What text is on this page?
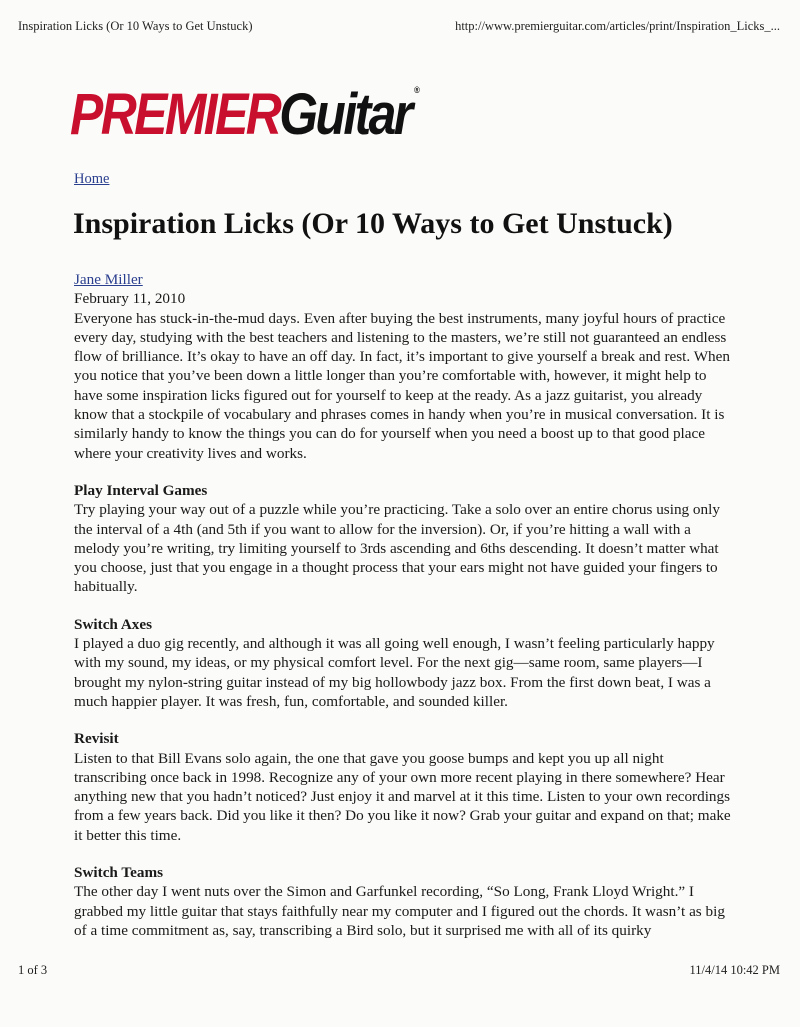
Inspiration Licks (Or 10 Ways to Get Unstuck)	http://www.premierguitar.com/articles/print/Inspiration_Licks_...
PREMIERGuitar ®
Home
Inspiration Licks (Or 10 Ways to Get Unstuck)
Jane Miller
February 11, 2010

Everyone has stuck-in-the-mud days. Even after buying the best instruments, many joyful hours of practice every day, studying with the best teachers and listening to the masters, we’re still not guaranteed an endless flow of brilliance. It’s okay to have an off day. In fact, it’s important to give yourself a break and rest. When you notice that you’ve been down a little longer than you’re comfortable with, however, it might help to have some inspiration licks figured out for yourself to keep at the ready. As a jazz guitarist, you already know that a stockpile of vocabulary and phrases comes in handy when you’re in musical conversation. It is similarly handy to know the things you can do for yourself when you need a boost up to that good place where your creativity lives and works.

Play Interval Games

Try playing your way out of a puzzle while you’re practicing. Take a solo over an entire chorus using only the interval of a 4th (and 5th if you want to allow for the inversion). Or, if you’re hitting a wall with a melody you’re writing, try limiting yourself to 3rds ascending and 6ths descending. It doesn’t matter what you choose, just that you engage in a thought process that your ears might not have guided your fingers to habitually.

Switch Axes

I played a duo gig recently, and although it was all going well enough, I wasn’t feeling particularly happy with my sound, my ideas, or my physical comfort level. For the next gig—same room, same players—I brought my nylon-string guitar instead of my big hollowbody jazz box. From the first down beat, I was a much happier player. It was fresh, fun, comfortable, and sounded killer.

Revisit

Listen to that Bill Evans solo again, the one that gave you goose bumps and kept you up all night transcribing once back in 1998. Recognize any of your own more recent playing in there somewhere? Hear anything new that you hadn’t noticed? Just enjoy it and marvel at it this time. Listen to your own recordings from a few years back. Did you like it then? Do you like it now? Grab your guitar and expand on that; make it better this time.

Switch Teams

The other day I went nuts over the Simon and Garfunkel recording, “So Long, Frank Lloyd Wright.” I grabbed my little guitar that stays faithfully near my computer and I figured out the chords. It wasn’t as big of a time commitment as, say, transcribing a Bird solo, but it surprised me with all of its quirky

1 of 3	11/4/14 10:42 PM
